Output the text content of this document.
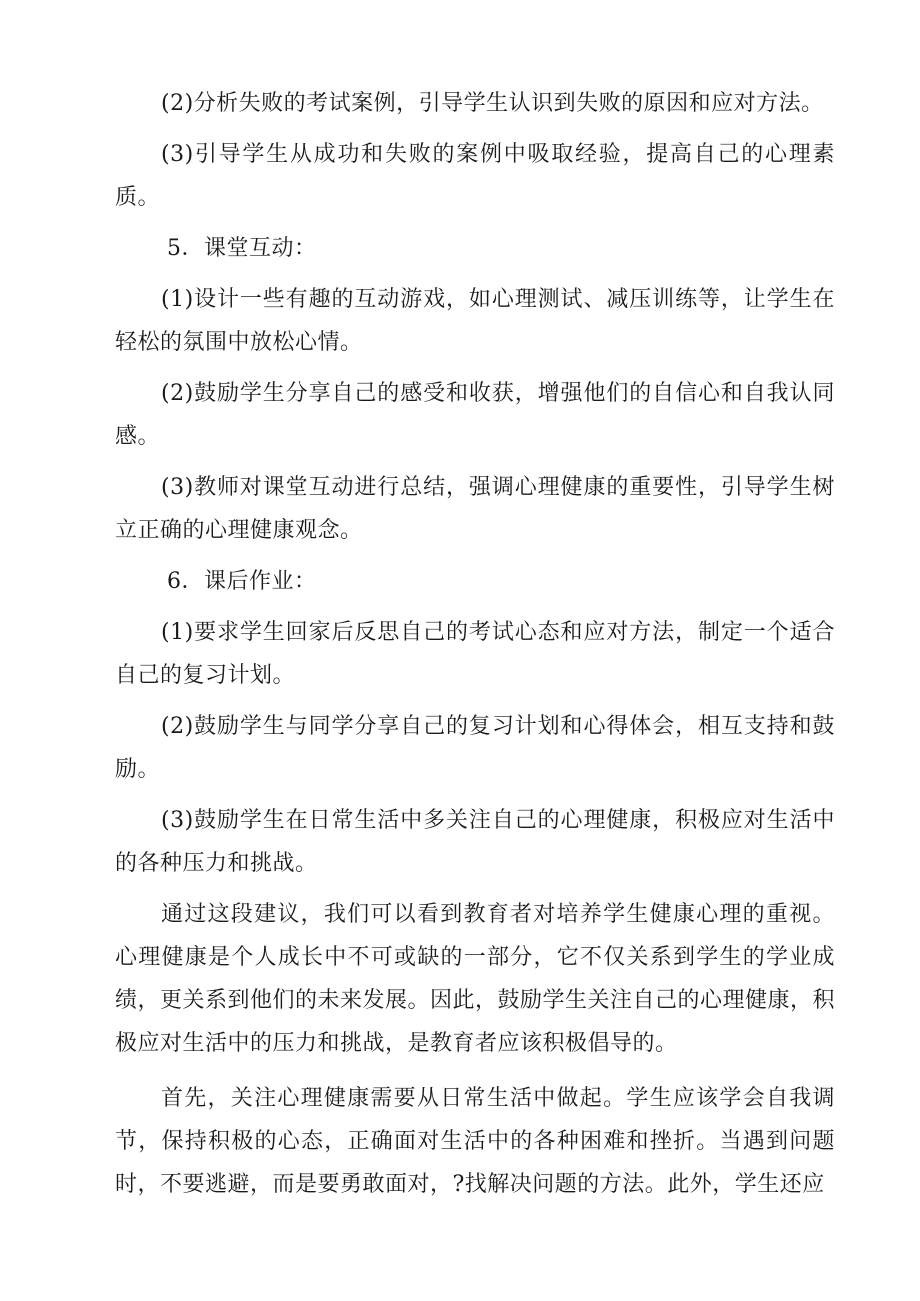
(2)分析失败的考试案例，引导学生认识到失败的原因和应对方法。

(3)引导学生从成功和失败的案例中吸取经验，提高自己的心理素质。

5．课堂互动：

(1)设计一些有趣的互动游戏，如心理测试、减压训练等，让学生在轻松的氛围中放松心情。

(2)鼓励学生分享自己的感受和收获，增强他们的自信心和自我认同感。

(3)教师对课堂互动进行总结，强调心理健康的重要性，引导学生树立正确的心理健康观念。

6．课后作业：

(1)要求学生回家后反思自己的考试心态和应对方法，制定一个适合自己的复习计划。

(2)鼓励学生与同学分享自己的复习计划和心得体会，相互支持和鼓励。

(3)鼓励学生在日常生活中多关注自己的心理健康，积极应对生活中的各种压力和挑战。

通过这段建议，我们可以看到教育者对培养学生健康心理的重视。心理健康是个人成长中不可或缺的一部分，它不仅关系到学生的学业成绩，更关系到他们的未来发展。因此，鼓励学生关注自己的心理健康，积极应对生活中的压力和挑战，是教育者应该积极倡导的。

首先，关注心理健康需要从日常生活中做起。学生应该学会自我调节，保持积极的心态，正确面对生活中的各种困难和挫折。当遇到问题时，不要逃避，而是要勇敢面对，?找解决问题的方法。此外，学生还应
